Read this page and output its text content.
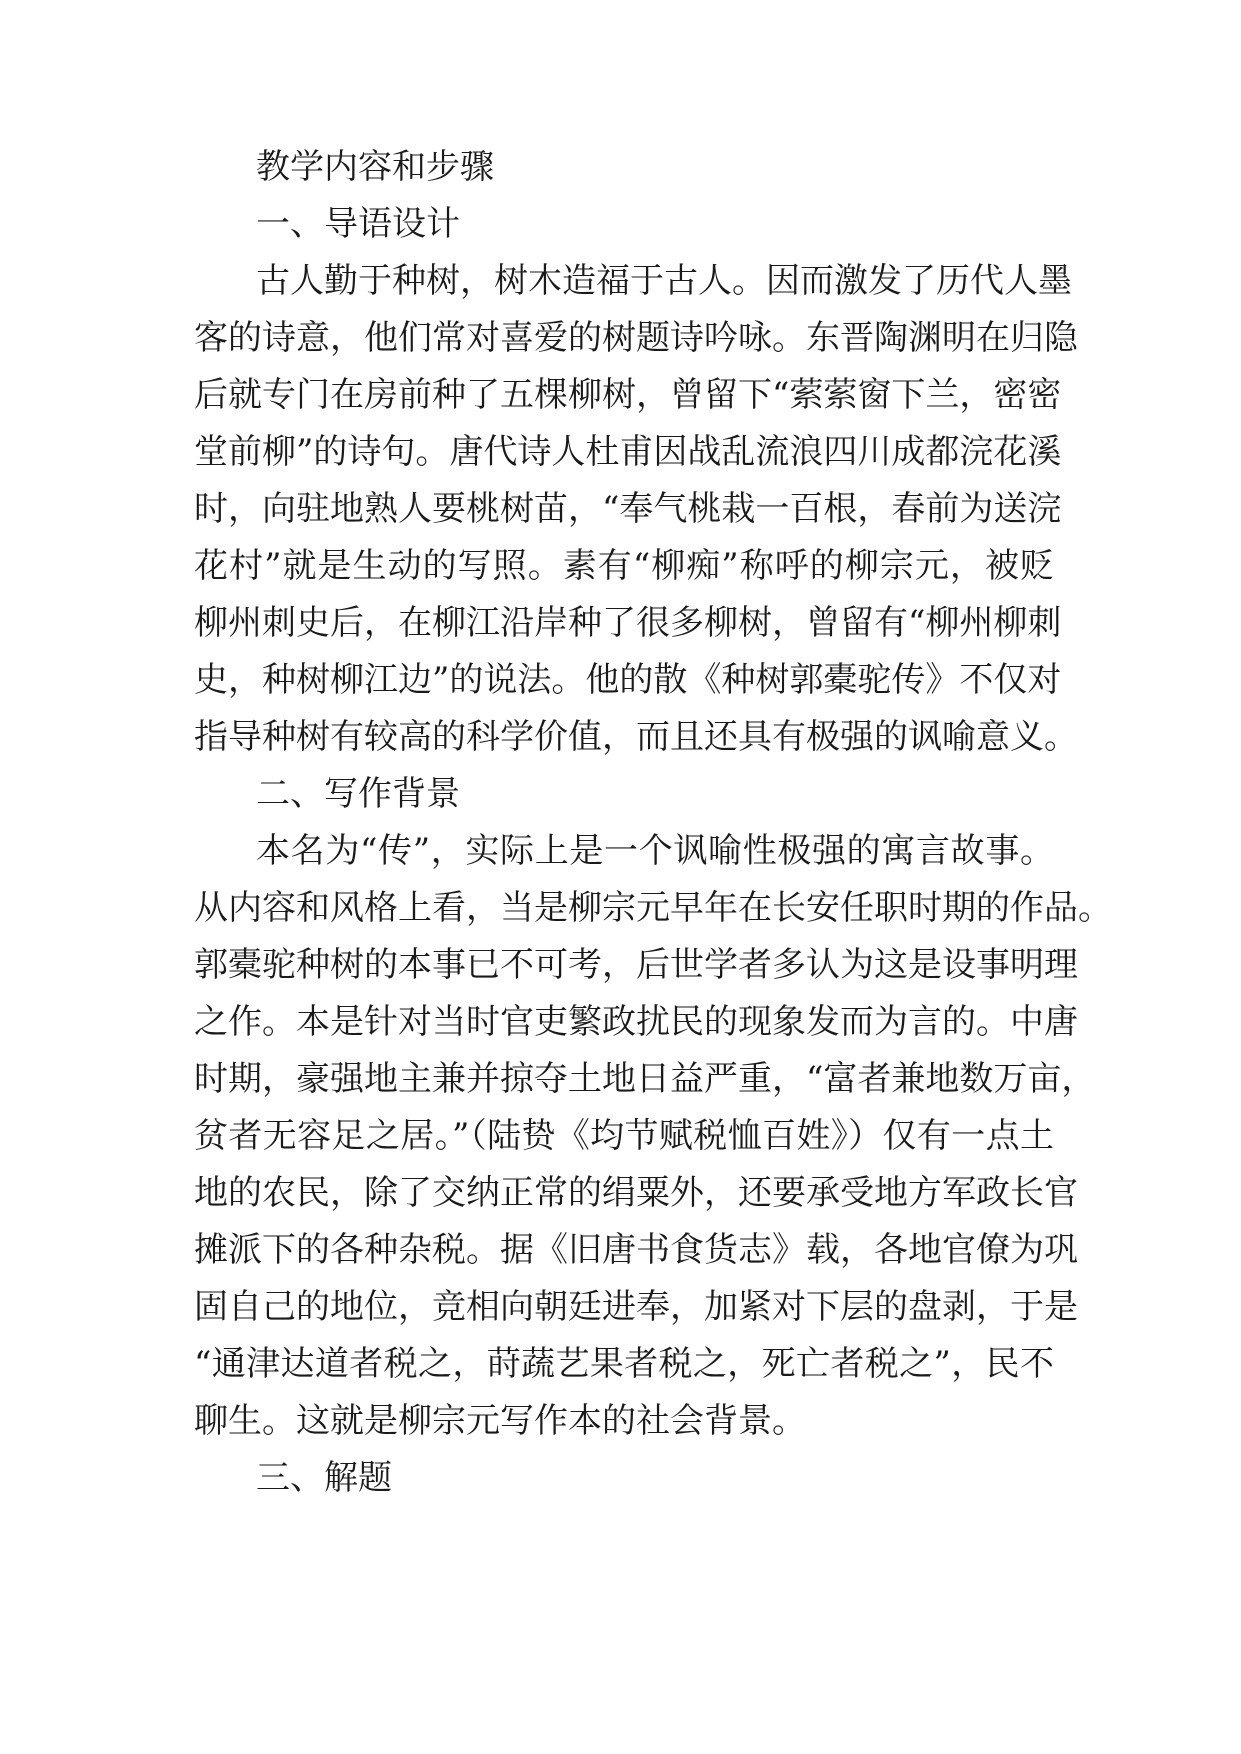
教学内容和步骤

一、导语设计

古人勤于种树，树木造福于古人。因而激发了历代人墨

客的诗意，他们常对喜爱的树题诗吟咏。东晋陶渊明在归隐

后就专门在房前种了五棵柳树，曾留下“萦萦窗下兰，密密

堂前柳”的诗句。唐代诗人杜甫因战乱流浪四川成都浣花溪

时，向驻地熟人要桃树苗，“奉气桃栽一百根，春前为送浣

花村”就是生动的写照。素有“柳痴”称呼的柳宗元，被贬

柳州刺史后，在柳江沿岸种了很多柳树，曾留有“柳州柳刺

史，种树柳江边”的说法。他的散《种树郭橐驼传》不仅对

指导种树有较高的科学价值，而且还具有极强的讽喻意义。

二、写作背景

本名为“传”，实际上是一个讽喻性极强的寓言故事。

从内容和风格上看，当是柳宗元早年在长安任职时期的作品。

郭橐驼种树的本事已不可考，后世学者多认为这是设事明理

之作。本是针对当时官吏繁政扰民的现象发而为言的。中唐

时期，豪强地主兼并掠夺土地日益严重，“富者兼地数万亩，

贫者无容足之居。”（陆贽《均节赋税恤百姓》）仅有一点土

地的农民，除了交纳正常的绢粟外，还要承受地方军政长官

摊派下的各种杂税。据《旧唐书食货志》载，各地官僚为巩

固自己的地位，竞相向朝廷进奉，加紧对下层的盘剥，于是

“通津达道者税之，莳蔬艺果者税之，死亡者税之”，民不

聊生。这就是柳宗元写作本的社会背景。

三、解题
